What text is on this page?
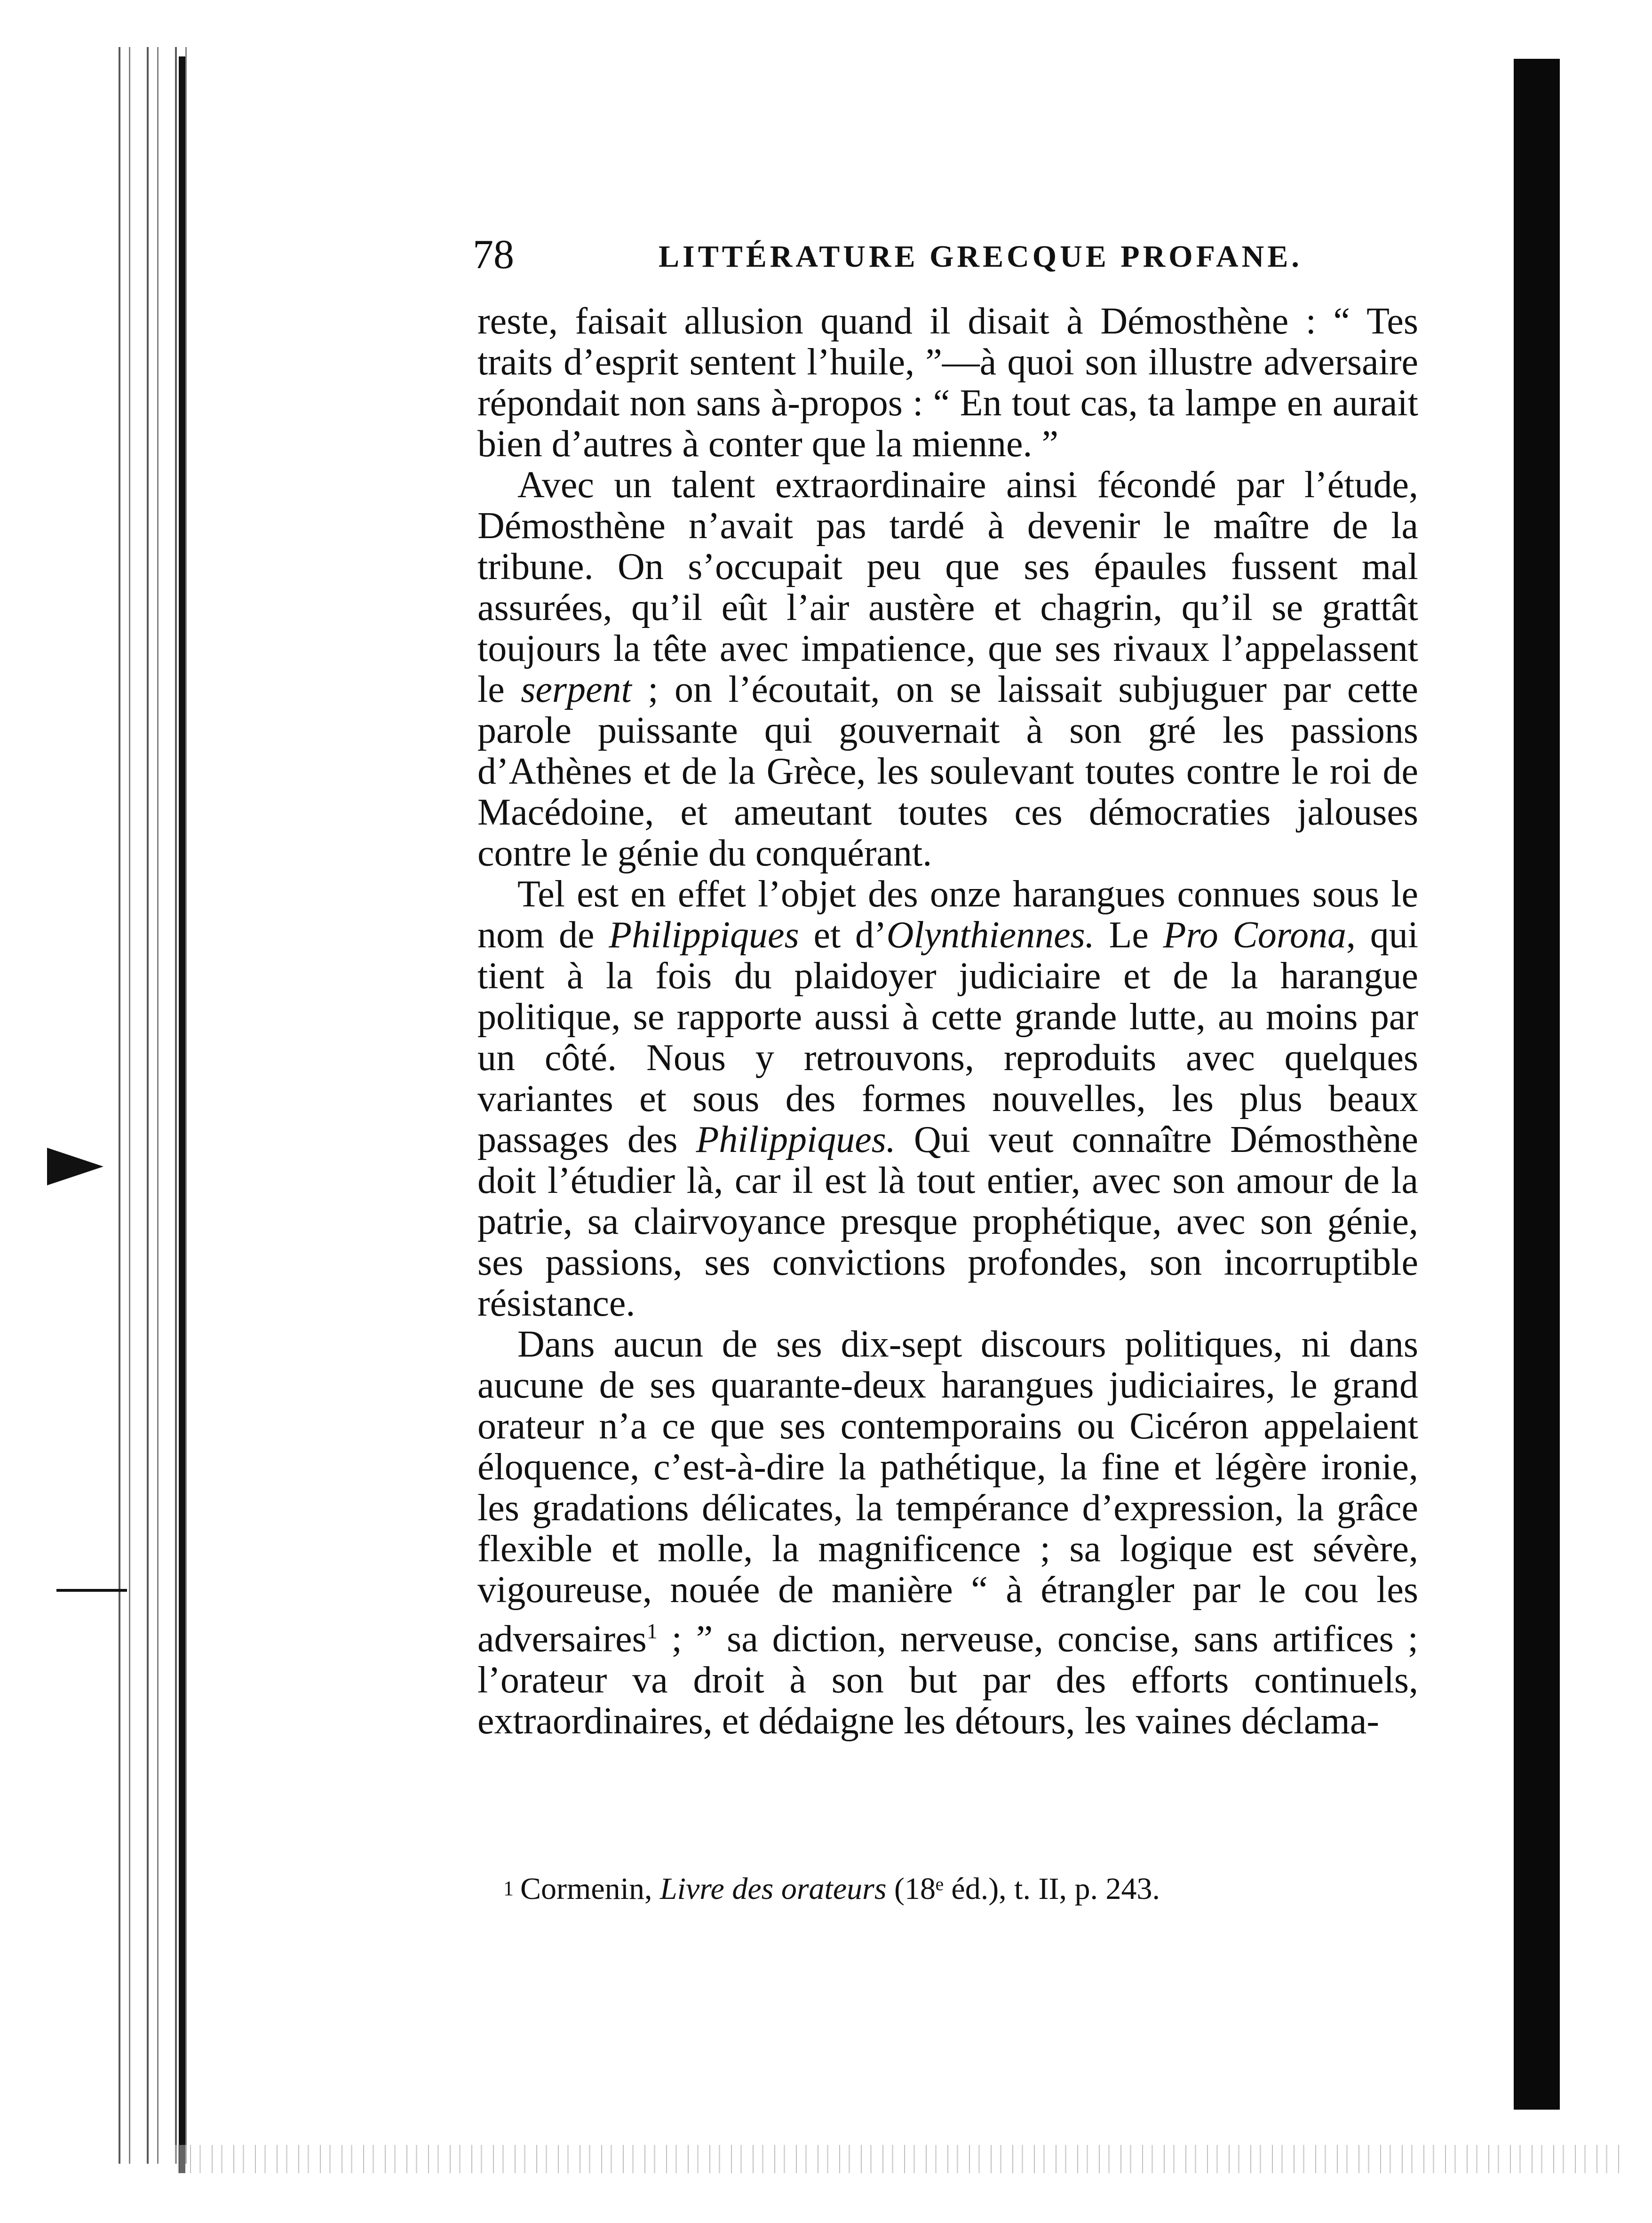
78	LITTÉRATURE GRECQUE PROFANE.

reste, faisait allusion quand il disait à Démosthène : “ Tes traits d’esprit sentent l’huile, ”—à quoi son illustre adversaire répondait non sans à-propos : “ En tout cas, ta lampe en aurait bien d’autres à conter que la mienne. ”

Avec un talent extraordinaire ainsi fécondé par l’étude, Démosthène n’avait pas tardé à devenir le maître de la tribune. On s’occupait peu que ses épaules fussent mal assurées, qu’il eût l’air austère et chagrin, qu’il se grattât toujours la tête avec impatience, que ses rivaux l’appelassent le serpent ; on l’écoutait, on se laissait subjuguer par cette parole puissante qui gouvernait à son gré les passions d’Athènes et de la Grèce, les soulevant toutes contre le roi de Macédoine, et ameutant toutes ces démocraties jalouses contre le génie du conquérant.

Tel est en effet l’objet des onze harangues connues sous le nom de Philippiques et d’Olynthiennes. Le Pro Corona, qui tient à la fois du plaidoyer judiciaire et de la harangue politique, se rapporte aussi à cette grande lutte, au moins par un côté. Nous y retrouvons, reproduits avec quelques variantes et sous des formes nouvelles, les plus beaux passages des Philippiques. Qui veut connaître Démosthène doit l’étudier là, car il est là tout entier, avec son amour de la patrie, sa clairvoyance presque prophétique, avec son génie, ses passions, ses convictions profondes, son incorruptible résistance.

Dans aucun de ses dix-sept discours politiques, ni dans aucune de ses quarante-deux harangues judiciaires, le grand orateur n’a ce que ses contemporains ou Cicéron appelaient éloquence, c’est-à-dire la pathétique, la fine et légère ironie, les gradations délicates, la tempérance d’expression, la grâce flexible et molle, la magnificence ; sa logique est sévère, vigoureuse, nouée de manière “ à étrangler par le cou les adversaires$^1$ ; ” sa diction, nerveuse, concise, sans artifices ; l’orateur va droit à son but par des efforts continuels, extraordinaires, et dédaigne les détours, les vaines déclama-

1 Cormenin, Livre des orateurs (18ᵉ éd.), t. II, p. 243.
